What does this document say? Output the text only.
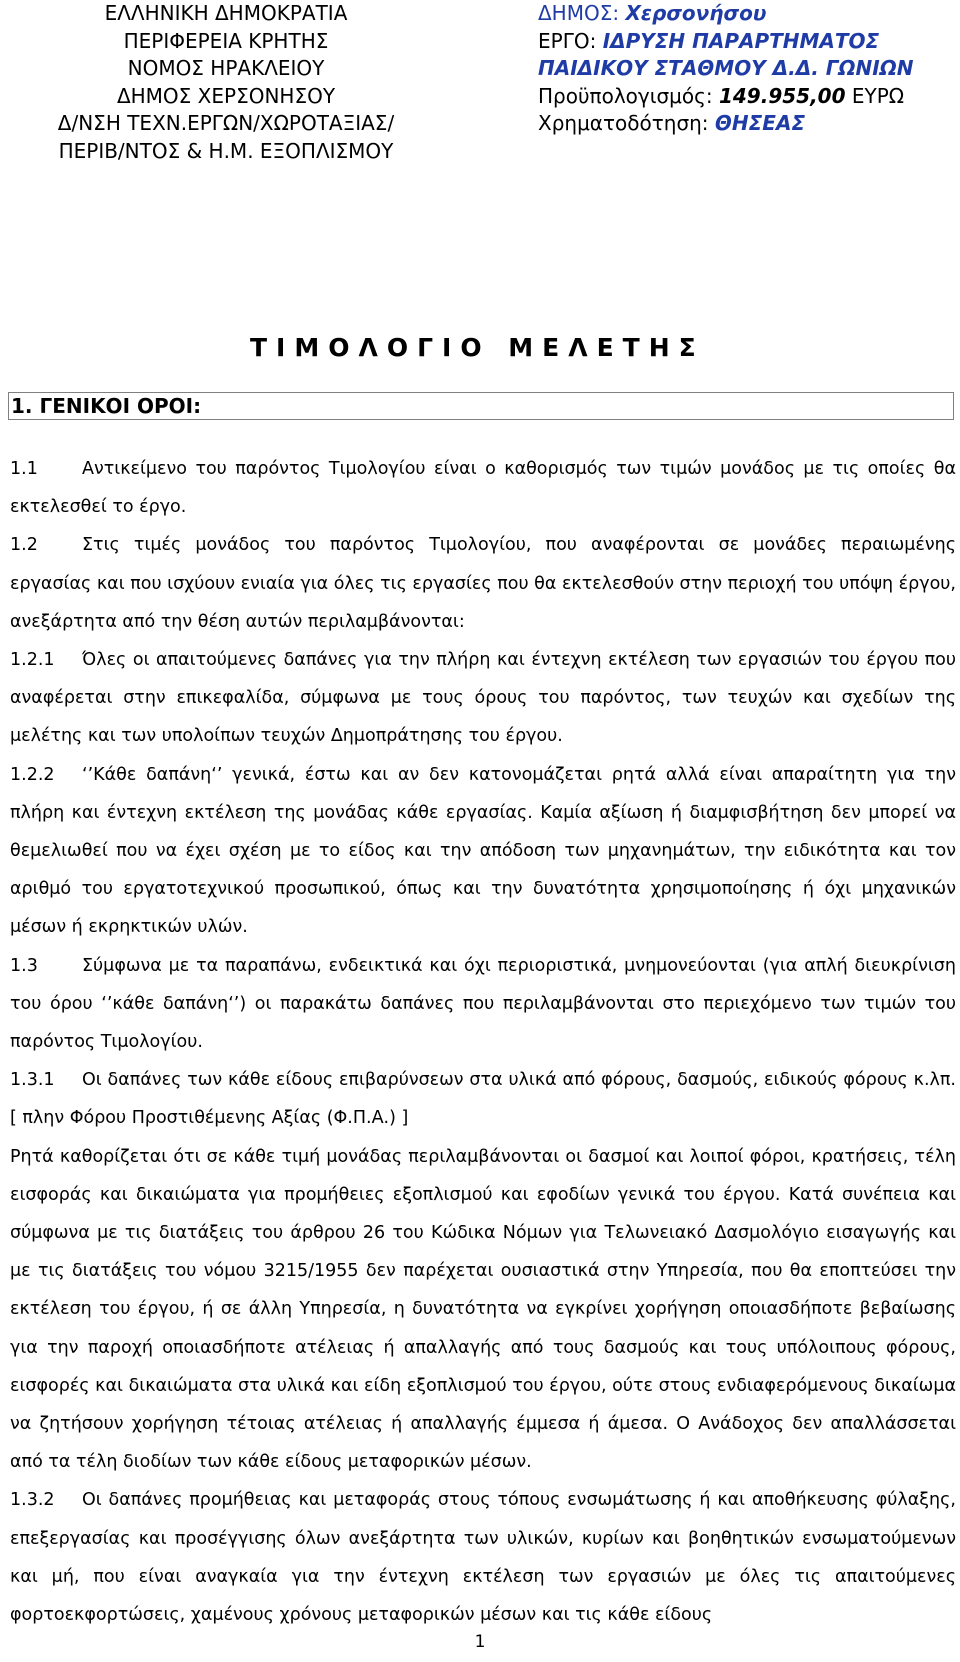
ΕΛΛΗΝΙΚΗ ΔΗΜΟΚΡΑΤΙΑ
ΠΕΡΙΦΕΡΕΙΑ ΚΡΗΤΗΣ
ΝΟΜΟΣ ΗΡΑΚΛΕΙΟΥ
ΔΗΜΟΣ ΧΕΡΣΟΝΗΣΟΥ
Δ/ΝΣΗ ΤΕΧΝ.ΕΡΓΩΝ/ΧΩΡΟΤΑΞΙΑΣ/
ΠΕΡΙΒ/ΝΤΟΣ & Η.Μ. ΕΞΟΠΛΙΣΜΟΥ
ΔΗΜΟΣ: Χερσονήσου
ΕΡΓΟ: ΙΔΡΥΣΗ ΠΑΡΑΡΤΗΜΑΤΟΣ
ΠΑΙΔΙΚΟΥ ΣΤΑΘΜΟΥ Δ.Δ. ΓΩΝΙΩΝ
Προϋπολογισμός: 149.955,00 ΕΥΡΩ
Χρηματοδότηση: ΘΗΣΕΑΣ
ΤΙΜΟΛΟΓΙΟ ΜΕΛΕΤΗΣ
1. ΓΕΝΙΚΟΙ ΟΡΟΙ:

1.1	Αντικείμενο του παρόντος Τιμολογίου είναι ο καθορισμός των τιμών μονάδος με τις οποίες θα εκτελεσθεί το έργο.

1.2	Στις τιμές μονάδος του παρόντος Τιμολογίου, που αναφέρονται σε μονάδες περαιωμένης εργασίας και που ισχύουν ενιαία για όλες τις εργασίες που θα εκτελεσθούν στην περιοχή του υπόψη έργου, ανεξάρτητα από την θέση αυτών περιλαμβάνονται:

1.2.1 Όλες οι απαιτούμενες δαπάνες για την πλήρη και έντεχνη εκτέλεση των εργασιών του έργου που αναφέρεται στην επικεφαλίδα, σύμφωνα με τους όρους του παρόντος, των τευχών και σχεδίων της μελέτης και των υπολοίπων τευχών Δημοπράτησης του έργου.

1.2.2 ‘’Κάθε δαπάνη‘’ γενικά, έστω και αν δεν κατονομάζεται ρητά αλλά είναι απαραίτητη για την πλήρη και έντεχνη εκτέλεση της μονάδας κάθε εργασίας. Καμία αξίωση ή διαμφισβήτηση δεν μπορεί να θεμελιωθεί που να έχει σχέση με το είδος και την απόδοση των μηχανημάτων, την ειδικότητα και τον αριθμό του εργατοτεχνικού προσωπικού, όπως και την δυνατότητα χρησιμοποίησης ή όχι μηχανικών μέσων ή εκρηκτικών υλών.

1.3	Σύμφωνα με τα παραπάνω, ενδεικτικά και όχι περιοριστικά, μνημονεύονται (για απλή διευκρίνιση του όρου ‘’κάθε δαπάνη‘’) οι παρακάτω δαπάνες που περιλαμβάνονται στο περιεχόμενο των τιμών του παρόντος Τιμολογίου.

1.3.1 Οι δαπάνες των κάθε είδους επιβαρύνσεων στα υλικά από φόρους, δασμούς, ειδικούς φόρους κ.λπ. [ πλην Φόρου Προστιθέμενης Αξίας (Φ.Π.Α.) ]

Ρητά καθορίζεται ότι σε κάθε τιμή μονάδας περιλαμβάνονται οι δασμοί και λοιποί φόροι, κρατήσεις, τέλη εισφοράς και δικαιώματα για προμήθειες εξοπλισμού και εφοδίων γενικά του έργου. Κατά συνέπεια και σύμφωνα με τις διατάξεις του άρθρου 26 του Κώδικα Νόμων για Τελωνειακό Δασμολόγιο εισαγωγής και με τις διατάξεις του νόμου 3215/1955 δεν παρέχεται ουσιαστικά στην Υπηρεσία, που θα εποπτεύσει την εκτέλεση του έργου, ή σε άλλη Υπηρεσία, η δυνατότητα να εγκρίνει χορήγηση οποιασδήποτε βεβαίωσης για την παροχή οποιασδήποτε ατέλειας ή απαλλαγής από τους δασμούς και τους υπόλοιπους φόρους, εισφορές και δικαιώματα στα υλικά και είδη εξοπλισμού του έργου, ούτε στους ενδιαφερόμενους δικαίωμα να ζητήσουν χορήγηση τέτοιας ατέλειας ή απαλλαγής έμμεσα ή άμεσα. Ο Ανάδοχος δεν απαλλάσσεται από τα τέλη διοδίων των κάθε είδους μεταφορικών μέσων.

1.3.2 Οι δαπάνες προμήθειας και μεταφοράς στους τόπους ενσωμάτωσης ή και αποθήκευσης φύλαξης, επεξεργασίας και προσέγγισης όλων ανεξάρτητα των υλικών, κυρίων και βοηθητικών ενσωματούμενων και μή, που είναι αναγκαία για την έντεχνη εκτέλεση των εργασιών με όλες τις απαιτούμενες φορτοεκφορτώσεις, χαμένους χρόνους μεταφορικών μέσων και τις κάθε είδους

1
